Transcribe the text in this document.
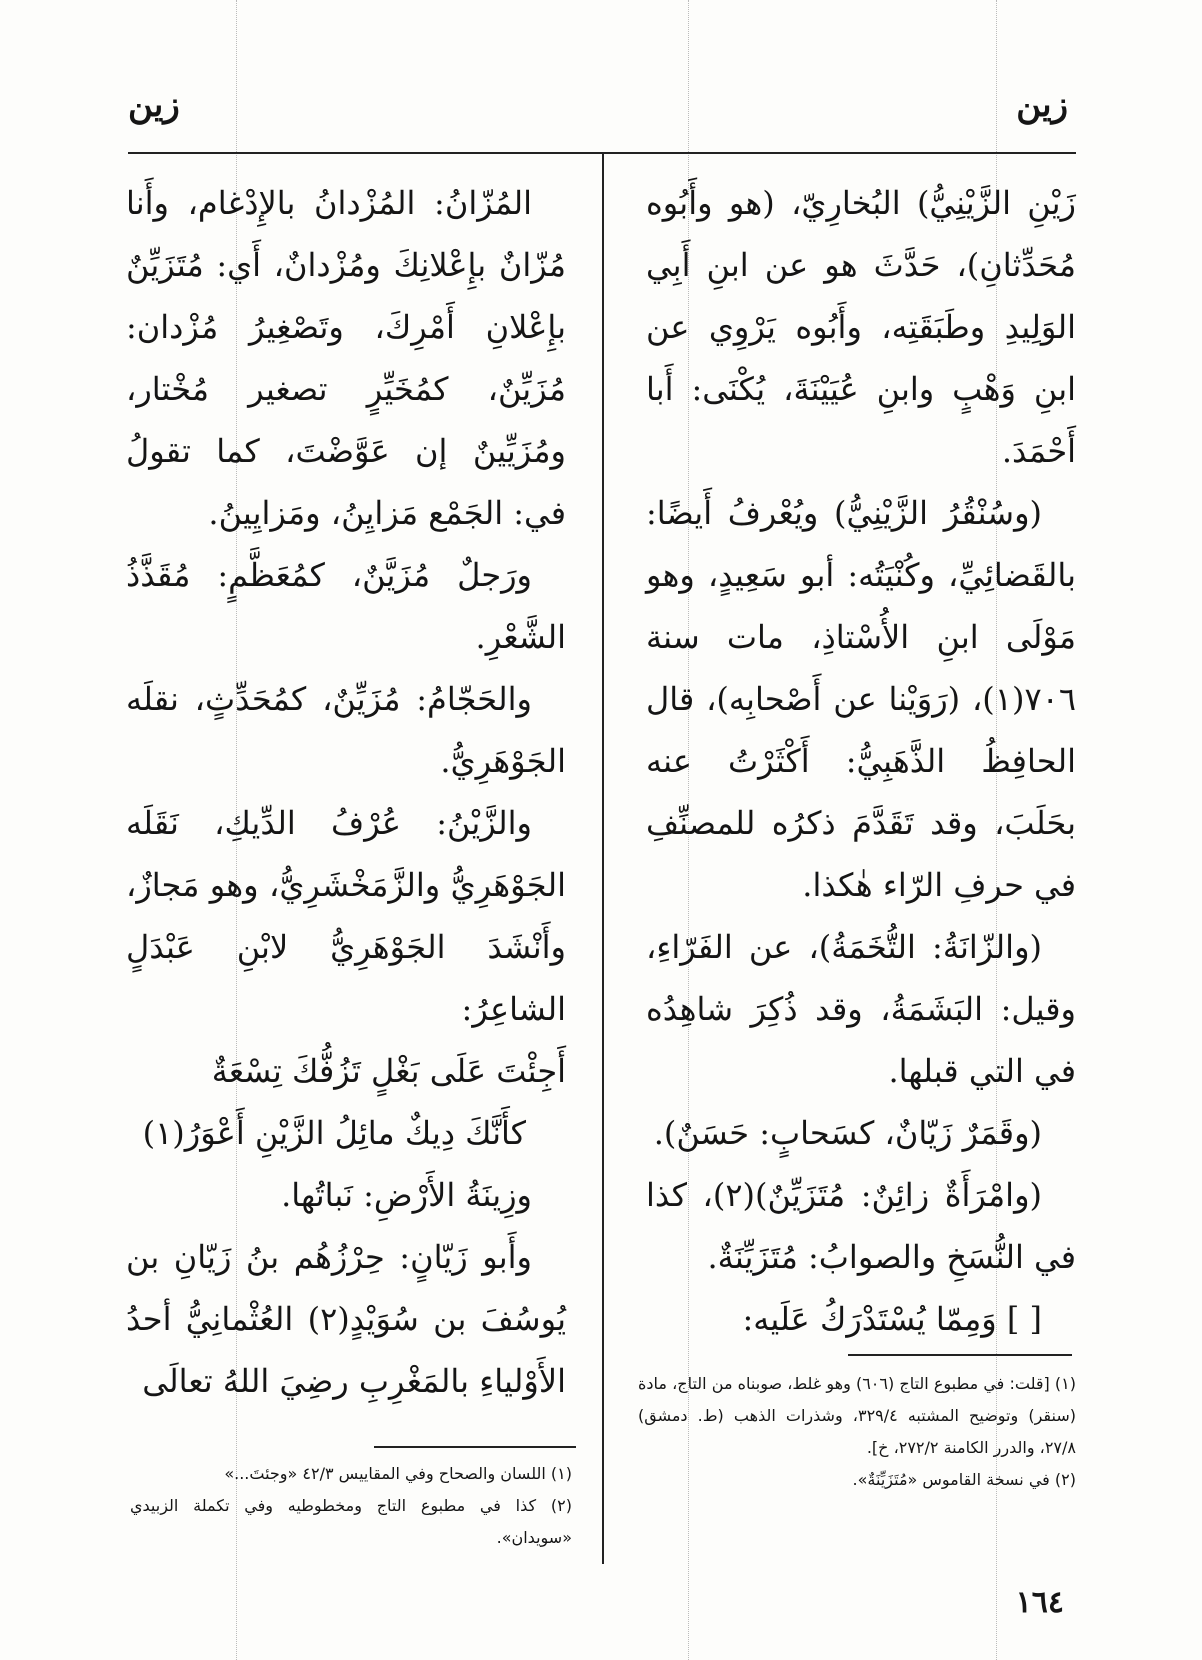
زين
زين

زَيْنِ الزَّيْنِيُّ) البُخارِيّ، (هو وأَبُوه مُحَدِّثانِ)، حَدَّثَ هو عن ابنِ أَبِي الوَلِيدِ وطَبَقَتِه، وأَبُوه يَرْوِي عن ابنِ وَهْبٍ وابنِ عُيَيْنَةَ، يُكْنَى: أَبا أَحْمَدَ.

(وسُنْقُرُ الزَّيْنِيُّ) ويُعْرفُ أَيضًا: بالقَضائِيِّ، وكُنْيَتُه: أبو سَعِيدٍ، وهو مَوْلَى ابنِ الأُسْتاذِ، مات سنة ٧٠٦(١)، (رَوَيْنا عن أَصْحابِه)، قال الحافِظُ الذَّهَبِيُّ: أَكْثَرْتُ عنه بحَلَبَ، وقد تَقَدَّمَ ذكرُه للمصنِّفِ في حرفِ الرّاء هٰكذا.

(والزّانَةُ: التُّخَمَةُ)، عن الفَرّاءِ، وقيل: البَشَمَةُ، وقد ذُكِرَ شاهِدُه في التي قبلها.

(وقَمَرٌ زَيّانٌ، كسَحابٍ: حَسَنٌ).

(وامْرَأَةٌ زائِنٌ: مُتَزَيِّنٌ)(٢)، كذا في النُّسَخِ والصوابُ: مُتَزَيِّنَةٌ.

[ ] وَمِمّا يُسْتَدْرَكُ عَلَيه:

المُزّانُ: المُزْدانُ بالإِدْغام، وأَنا مُزّانٌ بإِعْلانِكَ ومُزْدانٌ، أَي: مُتَزَيِّنٌ بإِعْلانِ أَمْرِكَ، وتَصْغِيرُ مُزْدان: مُزَيِّنٌ، كمُخَيِّرٍ تصغير مُخْتار، ومُزَيِّينٌ إن عَوَّضْتَ، كما تقولُ في: الجَمْع مَزايِنُ، ومَزايِينُ.

ورَجلٌ مُزَيَّنٌ، كمُعَظَّمٍ: مُقَذَّذُ الشَّعْرِ.

والحَجّامُ: مُزَيِّنٌ، كمُحَدِّثٍ، نقلَه الجَوْهَرِيُّ.

والزَّيْنُ: عُرْفُ الدِّيكِ، نَقَلَه الجَوْهَرِيُّ والزَّمَخْشَرِيُّ، وهو مَجازٌ، وأَنْشَدَ الجَوْهَرِيُّ لابْنِ عَبْدَلٍ الشاعِرُ:

أَجِئْتَ عَلَى بَغْلٍ تَزُفُّكَ تِسْعَةٌ

كأَنَّكَ دِيكٌ مائِلُ الزَّيْنِ أَعْوَرُ(١)

وزِينَةُ الأَرْضِ: نَباتُها.

وأَبو زَيّانٍ: حِرْزُهُم بنُ زَيّانِ بن يُوسُفَ بن سُوَيْدٍ(٢) العُثْمانِيُّ أحدُ الأَوْلياءِ بالمَغْرِبِ رضِيَ اللهُ تعالَى	(١) [قلت: في مطبوع التاج (٦٠٦) وهو غلط، صوبناه من التاج، مادة (سنقر) وتوضيح المشتبه ٣٢٩/٤، وشذرات الذهب (ط. دمشق) ٢٧/٨، والدرر الكامنة ٢٧٢/٢، خ].

(٢) في نسخة القاموس «مُتَزَيِّنَةٌ».

(١) اللسان والصحاح وفي المقاييس ٤٢/٣ «وجئتَ...»

(٢) كذا في مطبوع التاج ومخطوطيه وفي تكملة الزبيدي «سويدان».

١٦٤
